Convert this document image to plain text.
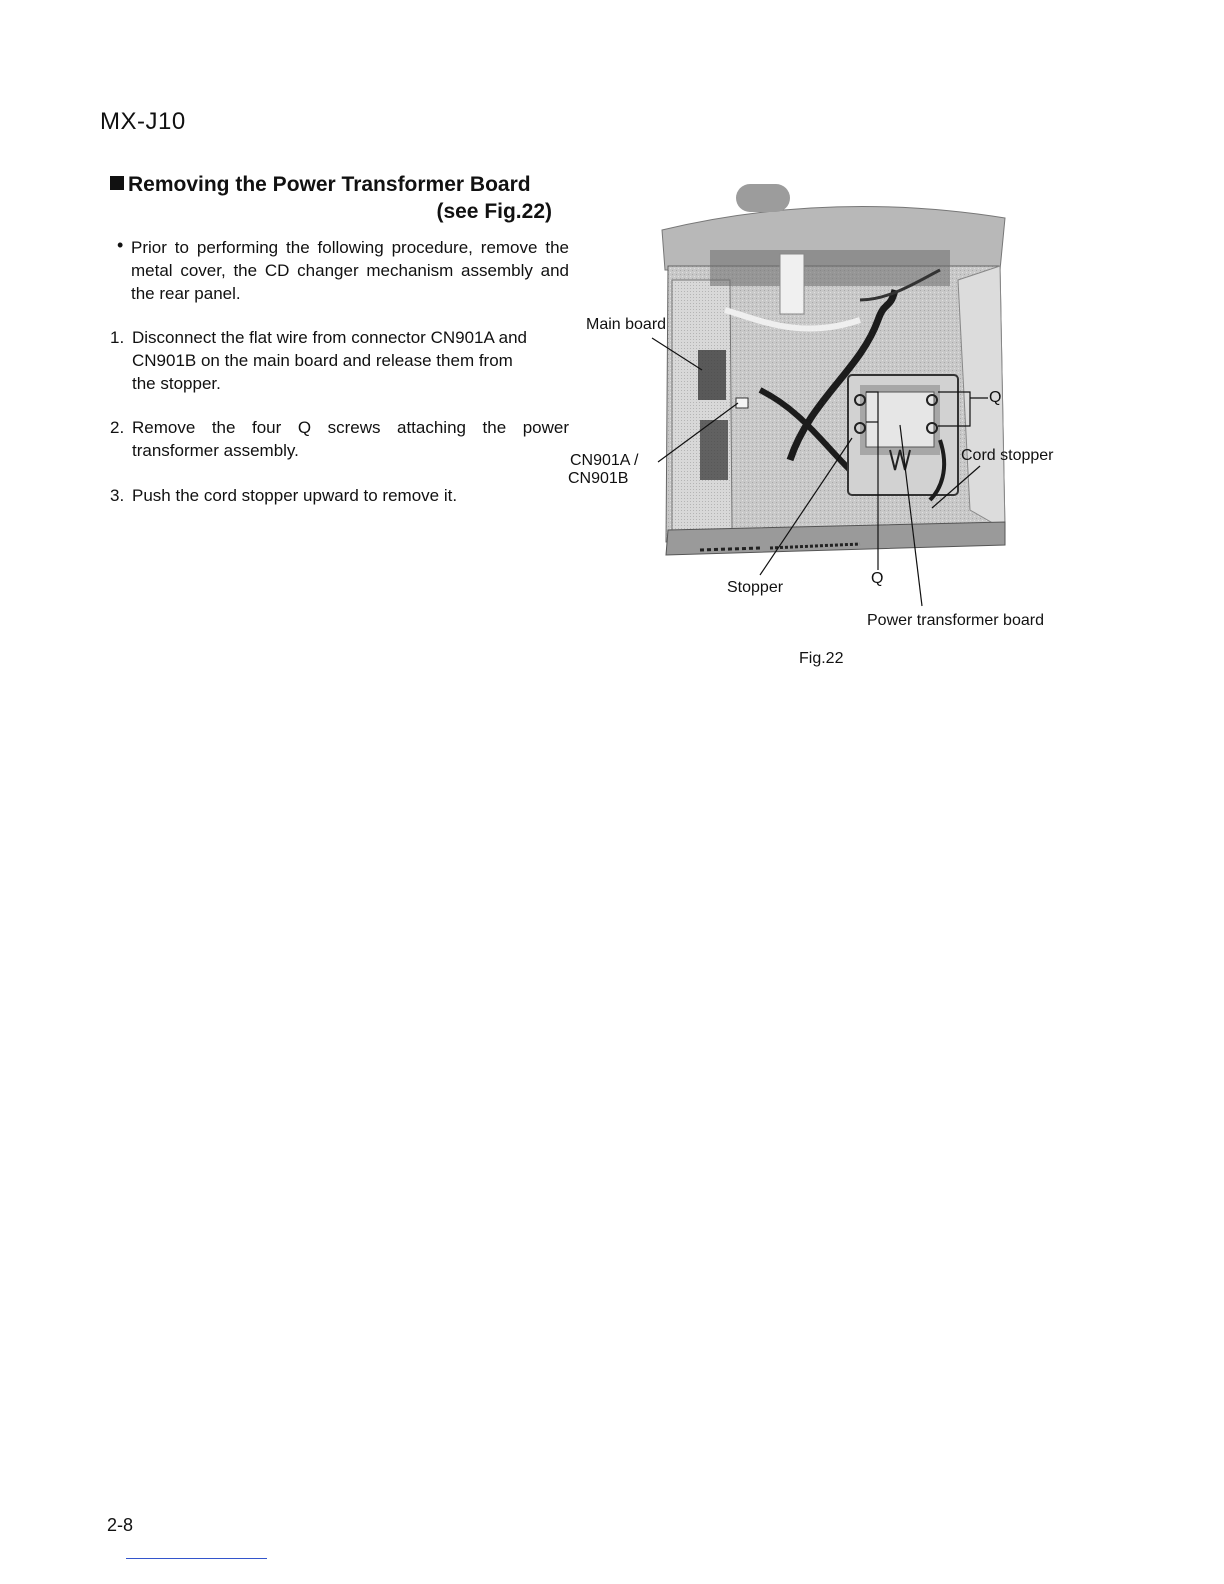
MX-J10
Removing the Power Transformer Board
(see Fig.22)
• Prior to performing the following procedure, remove the metal cover, the CD changer mechanism assembly and the rear panel.
1. Disconnect the flat wire from connector CN901A and
CN901B on the main board and release them from
the stopper.
2. Remove the four Q screws attaching the power
transformer assembly.
3. Push the cord stopper upward to remove it.
Main board
CN901A /
CN901B
Q
Cord stopper
Stopper
Q
Power transformer board
Fig.22
2-8
